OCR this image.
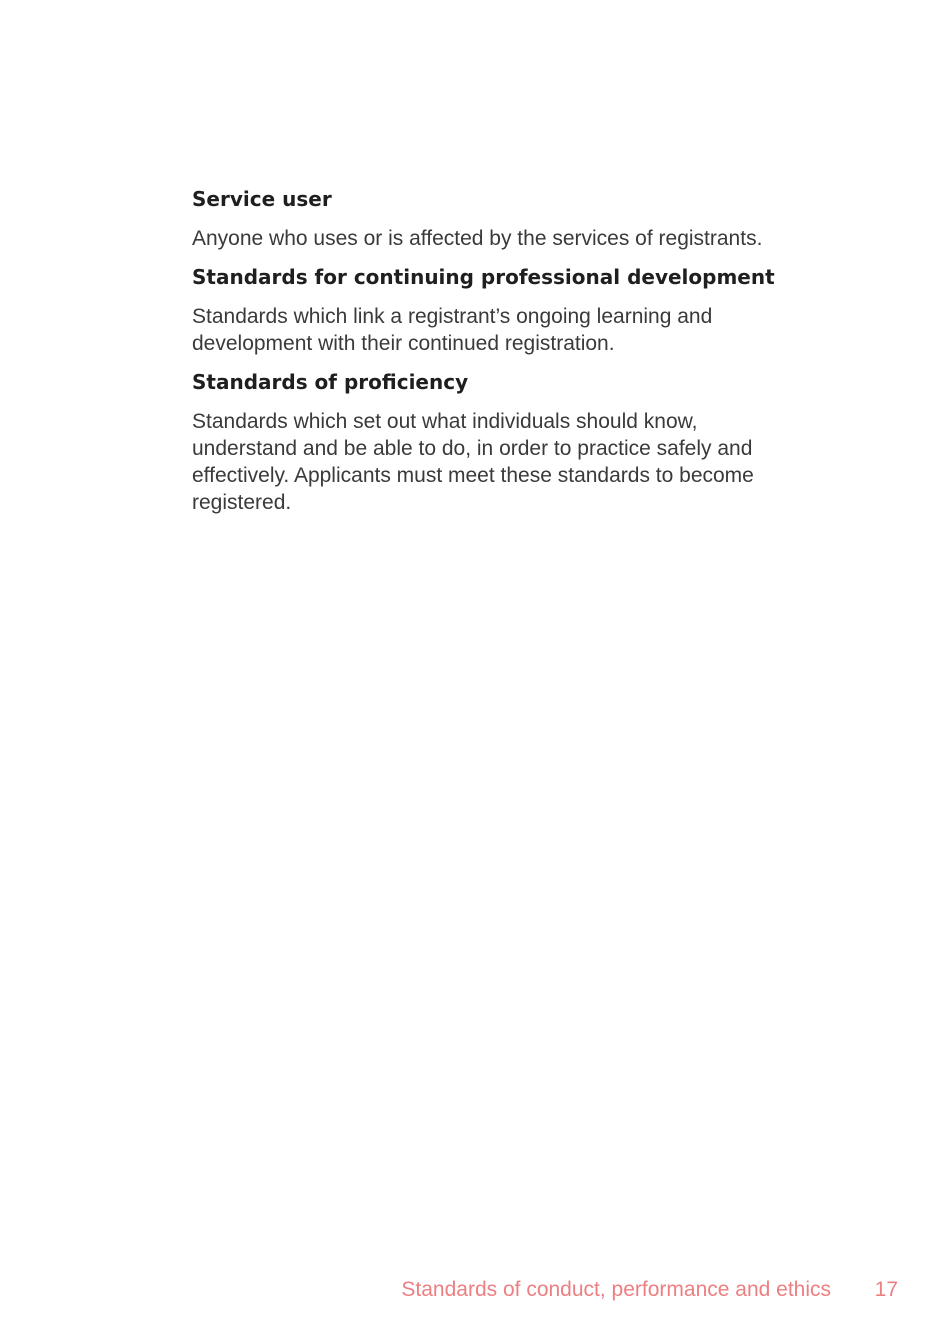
Service user

Anyone who uses or is affected by the services of registrants.

Standards for continuing professional development

Standards which link a registrant’s ongoing learning and development with their continued registration.

Standards of proficiency

Standards which set out what individuals should know, understand and be able to do, in order to practice safely and effectively. Applicants must meet these standards to become registered.

Standards of conduct, performance and ethics 17
